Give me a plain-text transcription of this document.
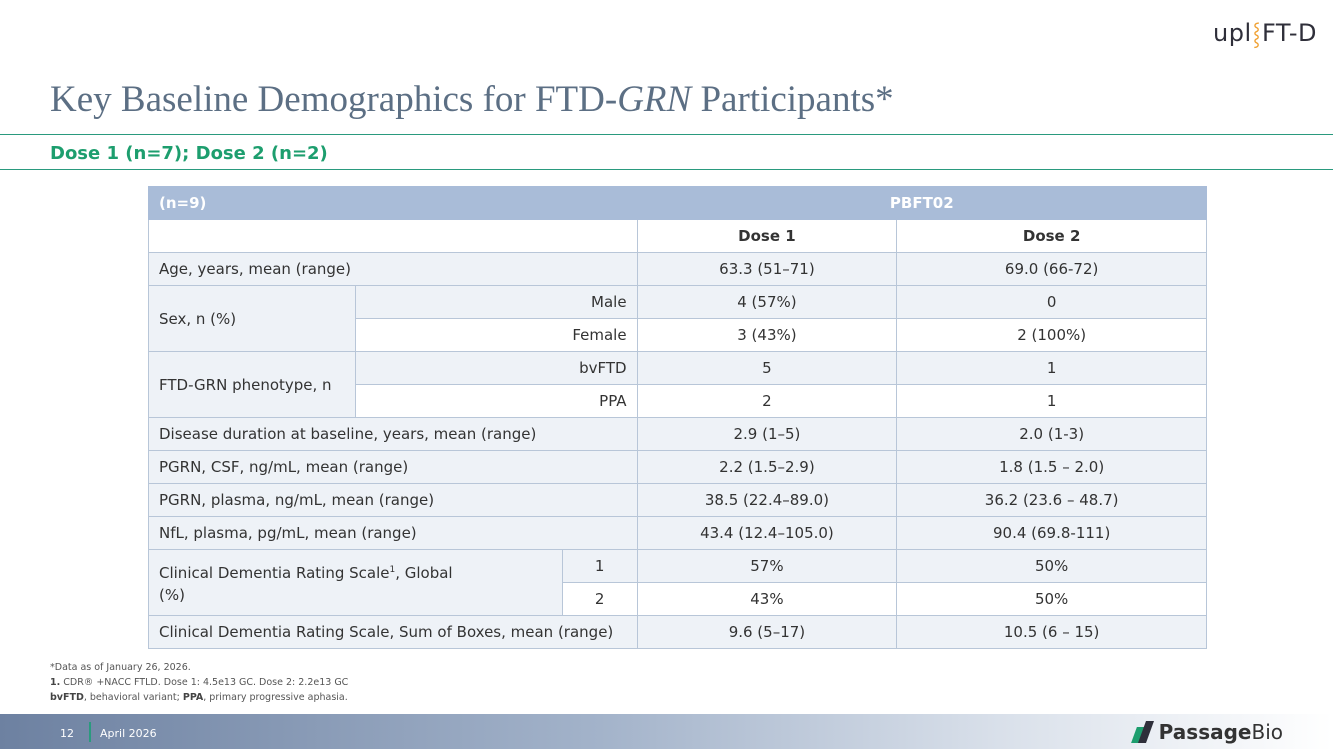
upl ⸾ FT-D
Key Baseline Demographics for FTD-GRN Participants*
Dose 1 (n=7); Dose 2 (n=2)
(n=9)			PBFT02	
			Dose 1	Dose 2
Age, years, mean (range)			63.3 (51–71)	69.0 (66-72)
Sex, n (%)	Male		4 (57%)	0
	Female		3 (43%)	2 (100%)
FTD-GRN phenotype, n	bvFTD		5	1
	PPA		2	1
Disease duration at baseline, years, mean (range)			2.9 (1–5)	2.0 (1-3)
PGRN, CSF, ng/mL, mean (range)			2.2 (1.5–2.9)	1.8 (1.5 – 2.0)
PGRN, plasma, ng/mL, mean (range)			38.5 (22.4–89.0)	36.2 (23.6 – 48.7)
NfL, plasma, pg/mL, mean (range)			43.4 (12.4–105.0)	90.4 (69.8-111)
Clinical Dementia Rating Scale$^1$, Global
(%)		1	57%	50%
		2	43%	50%
Clinical Dementia Rating Scale, Sum of Boxes, mean (range)			9.6 (5–17)	10.5 (6 – 15)
*Data as of January 26, 2026.
1. CDR® +NACC FTLD. Dose 1: 4.5e13 GC. Dose 2: 2.2e13 GC
bvFTD, behavioral variant; PPA, primary progressive aphasia.
12 April 2026	Passage Bio
